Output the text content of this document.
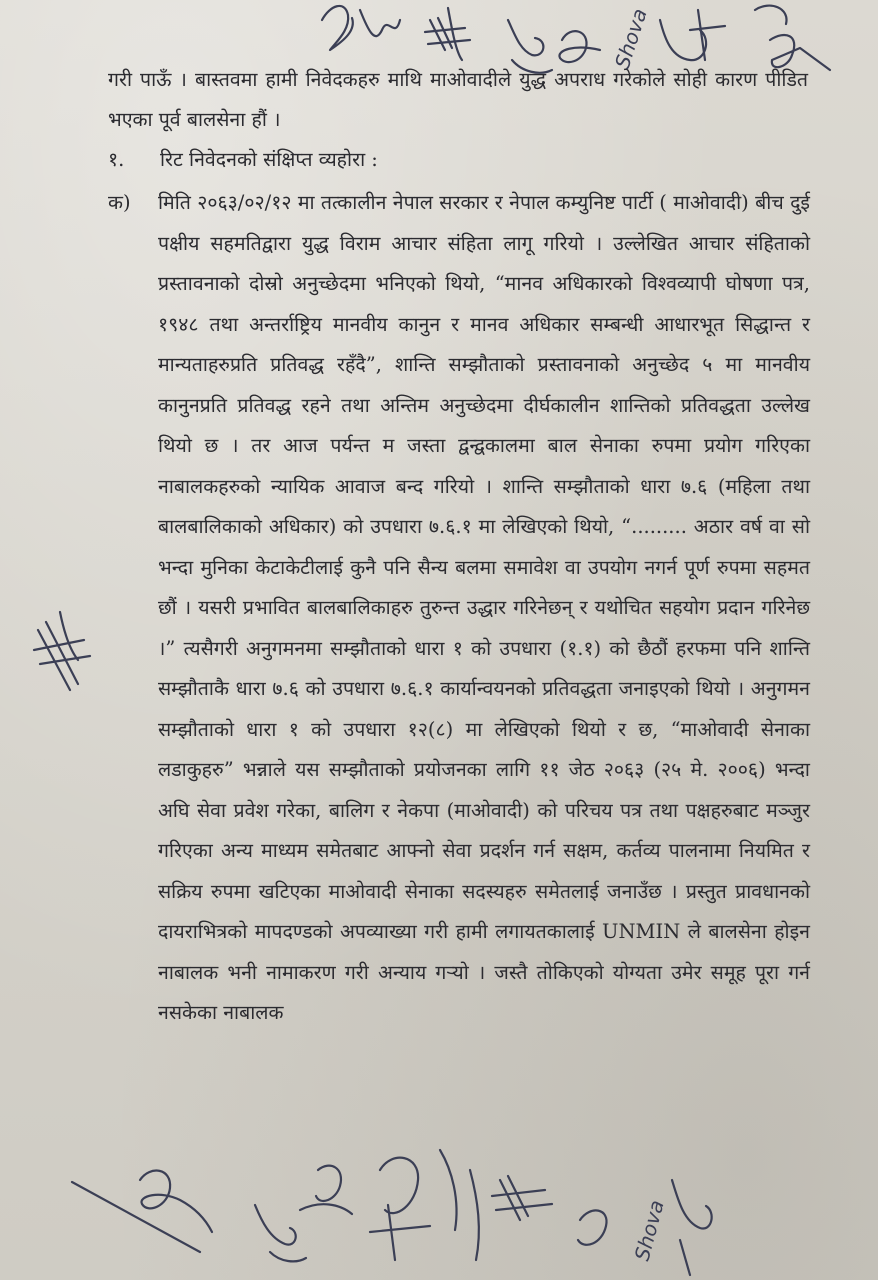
गरी पाऊँ । बास्तवमा हामी निवेदकहरु माथि माओवादीले युद्ध अपराध गरेकोले सोही कारण पीडित भएका पूर्व बालसेना हौं ।
१. रिट निवेदनको संक्षिप्त व्यहोरा :
क) मिति २०६३/०२/१२ मा तत्कालीन नेपाल सरकार र नेपाल कम्युनिष्ट पार्टी ( माओवादी) बीच दुई पक्षीय सहमतिद्वारा युद्ध विराम आचार संहिता लागू गरियो । उल्लेखित आचार संहिताको प्रस्तावनाको दोस्रो अनुच्छेदमा भनिएको थियो, “मानव अधिकारको विश्वव्यापी घोषणा पत्र, १९४८ तथा अन्तर्राष्ट्रिय मानवीय कानुन र मानव अधिकार सम्बन्धी आधारभूत सिद्धान्त र मान्यताहरुप्रति प्रतिवद्ध रहँदै”, शान्ति सम्झौताको प्रस्तावनाको अनुच्छेद ५ मा मानवीय कानुनप्रति प्रतिवद्ध रहने तथा अन्तिम अनुच्छेदमा दीर्घकालीन शान्तिको प्रतिवद्धता उल्लेख थियो छ । तर आज पर्यन्त म जस्ता द्वन्द्वकालमा बाल सेनाका रुपमा प्रयोग गरिएका नाबालकहरुको न्यायिक आवाज बन्द गरियो । शान्ति सम्झौताको धारा ७.६ (महिला तथा बालबालिकाको अधिकार) को उपधारा ७.६.१ मा लेखिएको थियो, “......... अठार वर्ष वा सो भन्दा मुनिका केटाकेटीलाई कुनै पनि सैन्य बलमा समावेश वा उपयोग नगर्न पूर्ण रुपमा सहमत छौं । यसरी प्रभावित बालबालिकाहरु तुरुन्त उद्धार गरिनेछन् र यथोचित सहयोग प्रदान गरिनेछ ।” त्यसैगरी अनुगमनमा सम्झौताको धारा १ को उपधारा (१.१) को छैठौं हरफमा पनि शान्ति सम्झौताकै धारा ७.६ को उपधारा ७.६.१ कार्यान्वयनको प्रतिवद्धता जनाइएको थियो । अनुगमन सम्झौताको धारा १ को उपधारा १२(८) मा लेखिएको थियो र छ, “माओवादी सेनाका लडाकुहरु” भन्नाले यस सम्झौताको प्रयोजनका लागि ११ जेठ २०६३ (२५ मे. २००६) भन्दा अघि सेवा प्रवेश गरेका, बालिग र नेकपा (माओवादी) को परिचय पत्र तथा पक्षहरुबाट मञ्जुर गरिएका अन्य माध्यम समेतबाट आफ्नो सेवा प्रदर्शन गर्न सक्षम, कर्तव्य पालनामा नियमित र सक्रिय रुपमा खटिएका माओवादी सेनाका सदस्यहरु समेतलाई जनाउँछ । प्रस्तुत प्रावधानको दायराभित्रको मापदण्डको अपव्याख्या गरी हामी लगायतकालाई UNMIN ले बालसेना होइन नाबालक भनी नामाकरण गरी अन्याय गर्‍यो । जस्तै तोकिएको योग्यता उमेर समूह पूरा गर्न नसकेका नाबालक
Shova
Shova
